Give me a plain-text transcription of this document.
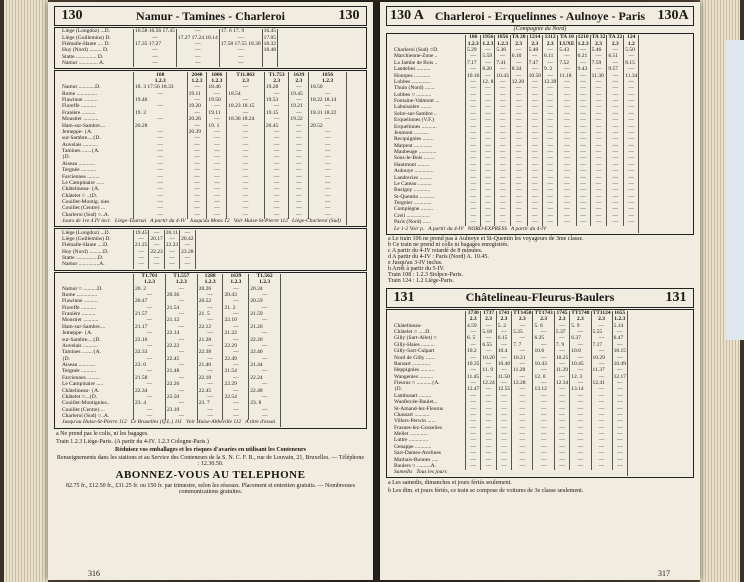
130	Namur - Tamines - Charleroi	130
Liège (Longdoz) ...D.	16.58 16.56 17.45	—	17. 6 17. 9	16.45
Liège (Guillemins) D.	—	17.27 17.24 18.14	—	17.05
Flémalle-Haute .... D.	17.35 17.27	—	17.58 17.55 18.30	18.32
Huy (Nord) ......... D.	—	—	—	18.48
Statte ............... D.	—	—	—	
Namur .............. A.	—	—	—	
	108	2040	1006	T11.863	T1.753	1639	1856
	1.2.3	1.2.3	1.2.3	2.3	2.3	2.3	1.2.3
Namur ............D.	18. 3 17.56 18.33	—	18.46	—	19.28	—	18.50
Rome ...............	—	19.11	—	18.54	—	19.45	—
Flawinne ..........	19.46	—	19.50	—	19.53	—	18.22 18.14
Floreffe ...........	—	19.20	—	18.23 18.15	—	19.21	—
Franière ..........	19. 2	—	19.11	—	19.15	—	18.31 18.22
Moustier ...........	—	20.26	—	18.36 18.24	—	19.22	—
Ham-sur-Sambre....	20.28	—	19. 1	—	20.45	—	20.52
Jemeppe- {A.	—	20.39	—	—	—	—	—
sur-Sambre....{D.	—	—	—	—	—	—	—
Auvelais ...........	—	—	—	—	—	—	—
Tamines .......{A.	—	—	—	—	—	—	—
{D.	—	—	—	—	—	—	—
Aiseau ............	—	—	—	—	—	—	—
Tergnée ...........	—	—	—	—	—	—	—
Farciennes .........	—	—	—	—	—	—	—
Le Campinaire ......	—	—	—	—	—	—	—
Châtelineau- {A.	—	—	—	—	—	—	—
Châtelet ○ ..{D.	—	—	—	—	—	—	—
Couillet-Montig. nies	—	—	—	—	—	—	—
Couillet (Centre) ...	—	—	—	—	—	—	—
Charleroi (Sud) ○..A.	—	—	—	—	—	—	—
Jours de 1re 4.IV incl. Liège-Tournai A partir du 4-IV Jusqu'au Mons 12 Voir Huise-St-Pierre 112 Liège-Charleroi (Sud)							
Liège (Longdoz) ...D.	19.45	—	20.11	—
Liège (Guillemins) D.	—	20.17	—	20.42
Flémalle-Haute ....D.	21.25	—	22.23	—
Huy (Nord) ..........D.	—	22.23	—	23.28
Statte ................D.	—	—	—	—
Namur ...............A.	—	—	—	—
	T1.701	T1.557	1288	1639	T1.562
	1.2.3	1.2.3	1.2.3	1.2.3	1.2.3
Namur ○ ..........D.	20. 2	—	20.26	—	20.34
Rome ...............	—	20.36	—	20.43	—
Flawinne ..........	20.47	—	20.52	—	20.59
Floreffe ...........	—	21.54	—	21. 2	—
Franière ..........	21.57	—	21. 5	—	21.59
Moustier ...........	—	21.12	—	22.10	—
Ham-sur-Sambre....	21.17	—	22.12	—	21.20
Jemeppe- {A.	—	22.14	—	21.22	—
sur-Sambre....{D.	22.16	—	21.28	—	22.20
Auvelais ...........	—	22.22	—	22.29	—
Tamines ........{A.	22.33	—	22.38	—	22.40
{D.	—	22.45	—	22.49	—
Aiseau ............	23. 0	—	21.40	—	21.44
Tergnée ...........	—	21.48	—	21.54	—
Farciennes .........	21.58	—	22.18	—	22.24
Le Campinaire .....	—	22.26	—	22.29	—
Châtelineau- {A.	22.34	—	22.45	—	22.48
Châtelet ○...{D.	—	22.50	—	22.54	—
Couillet-Montignies..	23. 4	—	23. 7	—	23. 8
Couillet (Centre) ...	—	23.10	—	—	—
Charleroi (Sud) ○..A.	—	—	—	—	—
Jusqu'au Huise-St-Pierre 112 Le Bruxelles (Q.L.) 111 Voir Huise-Abbeville 112 A titre d'essai					
a Ne prend pas le colis, ni les bagages.
Train 1.2.3 Liège-Paris. (A partir du 4-IV. 1.2.3 Cologne-Paris.)
Réduisez vos emballages et les risques d'avaries en utilisant les Conteneurs
Renseignements dans les stations et au Service des Conteneurs de la S. N. C. F. B., rue de Louvain, 21, Bruxelles. — Téléphone : 12.30.50.
ABONNEZ-VOUS AU TELEPHONE
82.75 fr., £12.50 fr., £31.25 fr. ou 150 fr. par trimestre, selon les réseaux. Placement et entretien gratuits. — Nombreuses communications gratuites.
316
130 A Charleroi - Erquelinnes - Aulnoye - Paris 130A
(Compagnie du Nord)
	106	1956	1856	TA 20	1214	1312	TA 10	1210	TA 32	TA 22	124
	1.2.3	1.2.3	1.2.3	2.3	2.3	2.3	LUXE	1.2.3	2.3	2.3	1.2
Charleroi (Sud) ○D.	5.29	—	5.36	—	5.40	—	5.43	—	5.46	—	5.50
Marchienne-Zone ..	—	5.59	—	6.10	—	6.11	—	6.21	—	6.51	—
La Jambe de Bois ..	7.17	—	7.41	—	7.47	—	7.52	—	7.59	—	8.15
Landelies ..........	—	8.20	—	8.34	—	9. 2	—	9.43	—	9.57	—
Hourpes ............	10.16	—	10.43	—	10.58	—	11.18	—	11.30	—	11.34
Lobbes ..............	—	12. 8	—	12.20	—	12.39	—	—	—	—	—
Thuin (Nord) .......	—	—	—	—	—	—	—	—	—	—	—
Lobbes ○ ...........	—	—	—	—	—	—	—	—	—	—	—
Fontaine-Valmont ...	—	—	—	—	—	—	—	—	—	—	—
Labuissière ........	—	—	—	—	—	—	—	—	—	—	—
Solre-sur-Sambre ..	—	—	—	—	—	—	—	—	—	—	—
Erquelinnes (V.F.)	—	—	—	—	—	—	—	—	—	—	—
Erquelinnes ...........	—	—	—	—	—	—	—	—	—	—	—
Jeumont ...........	—	—	—	—	—	—	—	—	—	—	—
Recquignies ........	—	—	—	—	—	—	—	—	—	—	—
Marpent .............	—	—	—	—	—	—	—	—	—	—	—
Maubeuge .............	—	—	—	—	—	—	—	—	—	—	—
Sous-le-Bois ........	—	—	—	—	—	—	—	—	—	—	—
Hautmont .........	—	—	—	—	—	—	—	—	—	—	—
Aulnoye ..............	—	—	—	—	—	—	—	—	—	—	—
Landrecies .........	—	—	—	—	—	—	—	—	—	—	—
Le Cateau ..........	—	—	—	—	—	—	—	—	—	—	—
Busigny ............	—	—	—	—	—	—	—	—	—	—	—
St-Quentin ...........	—	—	—	—	—	—	—	—	—	—	—
Tergnier .............	—	—	—	—	—	—	—	—	—	—	—
Compiègne .........	—	—	—	—	—	—	—	—	—	—	—
Creil .................	—	—	—	—	—	—	—	—	—	—	—
Paris (Nord) ......	—	—	—	—	—	—	—	—	—	—	—
Le 1-2 Voir p. A partir du 4-IV NORD-EXPRESS A partir du 4-IV											
a Le train 106 ne prend pas à Aulnoye et St-Quentin les voyageurs de 3me classe.
b Ce train ne prend ni colis ni bagages enregistrés.
c A partir du 4-IV retardé de 8 minutes.
d A partir du 4-IV : Paris (Nord) A. 10.45.
e Jusqu'au 3-IV inclus.
h Arrêt à partir du 5-IV.
Train 108 : 1.2.3 Stolpce-Paris.
Train 124 : 1.2 Liège-Paris.
131	Châtelineau-Fleurus-Baulers	131
	1730	1737	1741	TT1450	TT1743	1745	TT1748	TT1124	1655
	2.3	2.3	2.3	2.3	2.3	2.3	2.3	2.3	1.2.3
Châtelineau-	4.59	—	5. 2	—	5. 6	—	5. 9	—	5.14
Châtelet ○ .....D.	—	5.18	—	5.25	—	5.37	—	5.55	—
Gilly (Sart-Allet) ○	6. 5	—	6.15	—	6.25	—	6.37	—	6.47
Gilly-Haies ..........	—	6.55	—	7. 7	—	7. 9	—	7.17	—
Gilly-Sart-Culpart	10.2	—	10.4	—	10.6	—	10.8	—	10.15
Nord de Gilly .......	—	10.20	—	10.21	—	10.25	—	10.29	—
Ransart .............	10.35	—	10.40	—	10.43	—	10.45	—	10.49
Heppignies ..........	—	11. 9	—	11.28	—	11.29	—	11.37	—
Wangenies ..........	11.45	—	11.50	—	12. 0	—	12. 3	—	12.17
Fleurus ○ ...........{A.	—	12.24	—	12.28	—	12.34	—	12.41	—
{D.	12.47	—	12.55	—	13.12	—	13.14	—	—
Lambusart .........	—	—	—	—	—	—	—	—	—
Wanfercée-Baulet...	—	—	—	—	—	—	—	—	—
St-Amand-lez-Fleurus	—	—	—	—	—	—	—	—	—
Chassart ...........	—	—	—	—	—	—	—	—	—
Villers-Perwin ......	—	—	—	—	—	—	—	—	—
Frasnes-lez-Gosselies	—	—	—	—	—	—	—	—	—
Mellet .............	—	—	—	—	—	—	—	—	—
Luttre ..............	—	—	—	—	—	—	—	—	—
Genappe ............	—	—	—	—	—	—	—	—	—
Sart-Dames-Avelines	—	—	—	—	—	—	—	—	—
Marbais-Ronnes .....	—	—	—	—	—	—	—	—	—
Baulers ○ ..........A.	—	—	—	—	—	—	—	—	—
Samedis Tous les jours									
a Les samedis, dimanches et jours fériés seulement.
b Les dim. et jours fériés, ce train se compose de voitures de 3e classe seulement.
317
